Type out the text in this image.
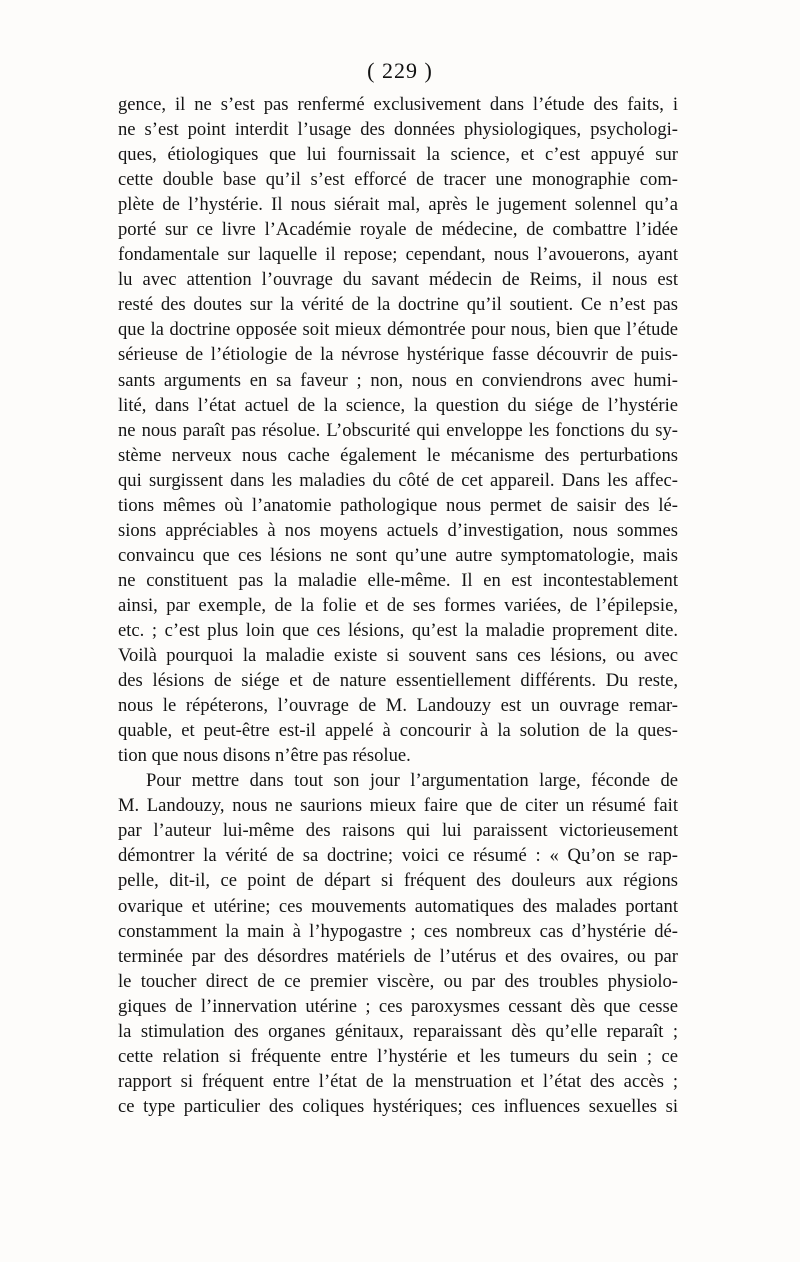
( 229 )
gence, il ne s’est pas renfermé exclusivement dans l’étude des faits, i
ne s’est point interdit l’usage des données physiologiques, psychologi-
ques, étiologiques que lui fournissait la science, et c’est appuyé sur
cette double base qu’il s’est efforcé de tracer une monographie com-
plète de l’hystérie. Il nous siérait mal, après le jugement solennel qu’a
porté sur ce livre l’Académie royale de médecine, de combattre l’idée
fondamentale sur laquelle il repose; cependant, nous l’avouerons, ayant
lu avec attention l’ouvrage du savant médecin de Reims, il nous est
resté des doutes sur la vérité de la doctrine qu’il soutient. Ce n’est pas
que la doctrine opposée soit mieux démontrée pour nous, bien que l’étude
sérieuse de l’étiologie de la névrose hystérique fasse découvrir de puis-
sants arguments en sa faveur ; non, nous en conviendrons avec humi-
lité, dans l’état actuel de la science, la question du siége de l’hystérie
ne nous paraît pas résolue. L’obscurité qui enveloppe les fonctions du sy-
stème nerveux nous cache également le mécanisme des perturbations
qui surgissent dans les maladies du côté de cet appareil. Dans les affec-
tions mêmes où l’anatomie pathologique nous permet de saisir des lé-
sions appréciables à nos moyens actuels d’investigation, nous sommes
convaincu que ces lésions ne sont qu’une autre symptomatologie, mais
ne constituent pas la maladie elle-même. Il en est incontestablement
ainsi, par exemple, de la folie et de ses formes variées, de l’épilepsie,
etc. ; c’est plus loin que ces lésions, qu’est la maladie proprement dite.
Voilà pourquoi la maladie existe si souvent sans ces lésions, ou avec
des lésions de siége et de nature essentiellement différents. Du reste,
nous le répéterons, l’ouvrage de M. Landouzy est un ouvrage remar-
quable, et peut-être est-il appelé à concourir à la solution de la ques-
tion que nous disons n’être pas résolue.
Pour mettre dans tout son jour l’argumentation large, féconde de
M. Landouzy, nous ne saurions mieux faire que de citer un résumé fait
par l’auteur lui-même des raisons qui lui paraissent victorieusement
démontrer la vérité de sa doctrine; voici ce résumé : « Qu’on se rap-
pelle, dit-il, ce point de départ si fréquent des douleurs aux régions
ovarique et utérine; ces mouvements automatiques des malades portant
constamment la main à l’hypogastre ; ces nombreux cas d’hystérie dé-
terminée par des désordres matériels de l’utérus et des ovaires, ou par
le toucher direct de ce premier viscère, ou par des troubles physiolo-
giques de l’innervation utérine ; ces paroxysmes cessant dès que cesse
la stimulation des organes génitaux, reparaissant dès qu’elle reparaît ;
cette relation si fréquente entre l’hystérie et les tumeurs du sein ; ce
rapport si fréquent entre l’état de la menstruation et l’état des accès ;
ce type particulier des coliques hystériques; ces influences sexuelles si
